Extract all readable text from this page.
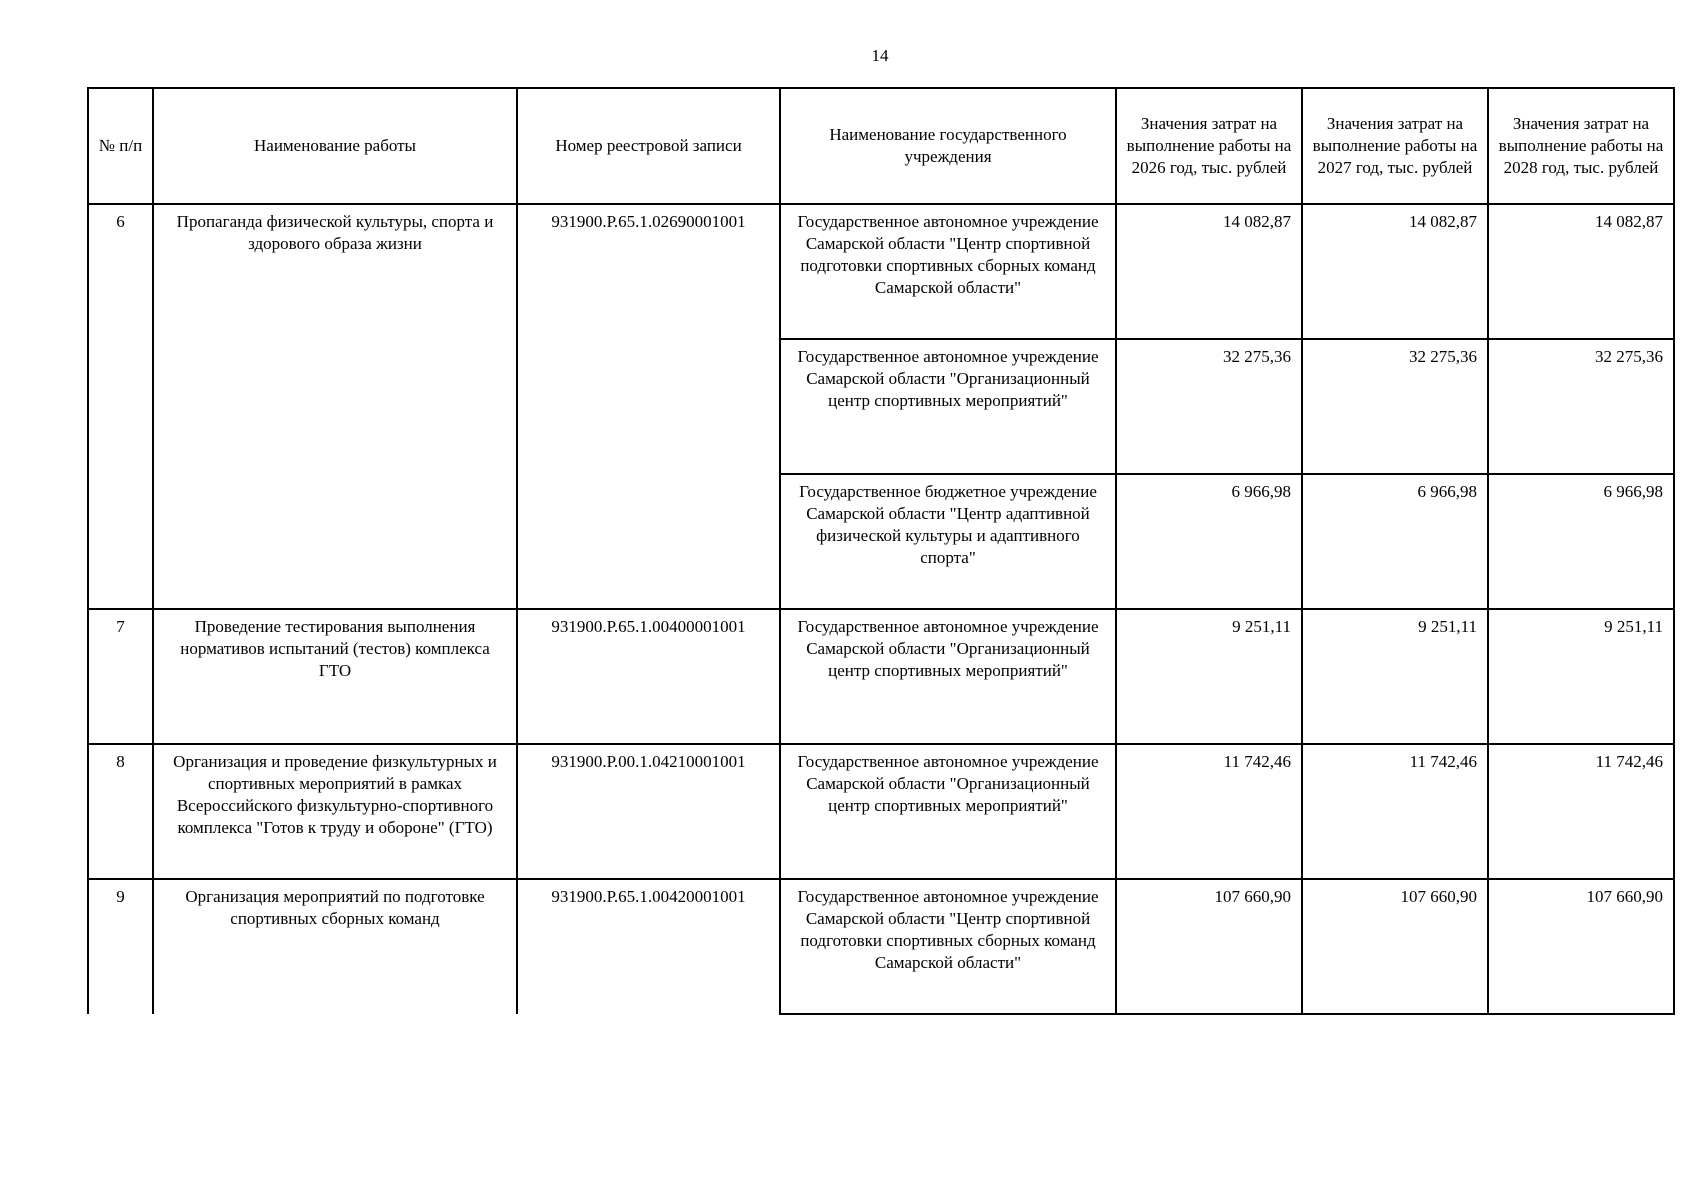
14
№ п/п	Наименование работы	Номер реестровой записи	Наименование государственного учреждения	Значения затрат на выполнение работы на 2026 год, тыс. рублей	Значения затрат на выполнение работы на 2027 год, тыс. рублей	Значения затрат на выполнение работы на 2028 год, тыс. рублей
6	Пропаганда физической культуры, спорта и здорового образа жизни	931900.Р.65.1.02690001001	Государственное автономное учреждение Самарской области "Центр спортивной подготовки спортивных сборных команд Самарской области"	14 082,87	14 082,87	14 082,87
			Государственное автономное учреждение Самарской области "Организационный центр спортивных мероприятий"	32 275,36	32 275,36	32 275,36
			Государственное бюджетное учреждение Самарской области "Центр адаптивной физической культуры и адаптивного спорта"	6 966,98	6 966,98	6 966,98
7	Проведение тестирования выполнения нормативов испытаний (тестов) комплекса ГТО	931900.Р.65.1.00400001001	Государственное автономное учреждение Самарской области "Организационный центр спортивных мероприятий"	9 251,11	9 251,11	9 251,11
8	Организация и проведение физкультурных и спортивных мероприятий в рамках Всероссийского физкультурно-спортивного комплекса "Готов к труду и обороне" (ГТО)	931900.Р.00.1.04210001001	Государственное автономное учреждение Самарской области "Организационный центр спортивных мероприятий"	11 742,46	11 742,46	11 742,46
9	Организация мероприятий по подготовке спортивных сборных команд	931900.Р.65.1.00420001001	Государственное автономное учреждение Самарской области "Центр спортивной подготовки спортивных сборных команд Самарской области"	107 660,90	107 660,90	107 660,90
